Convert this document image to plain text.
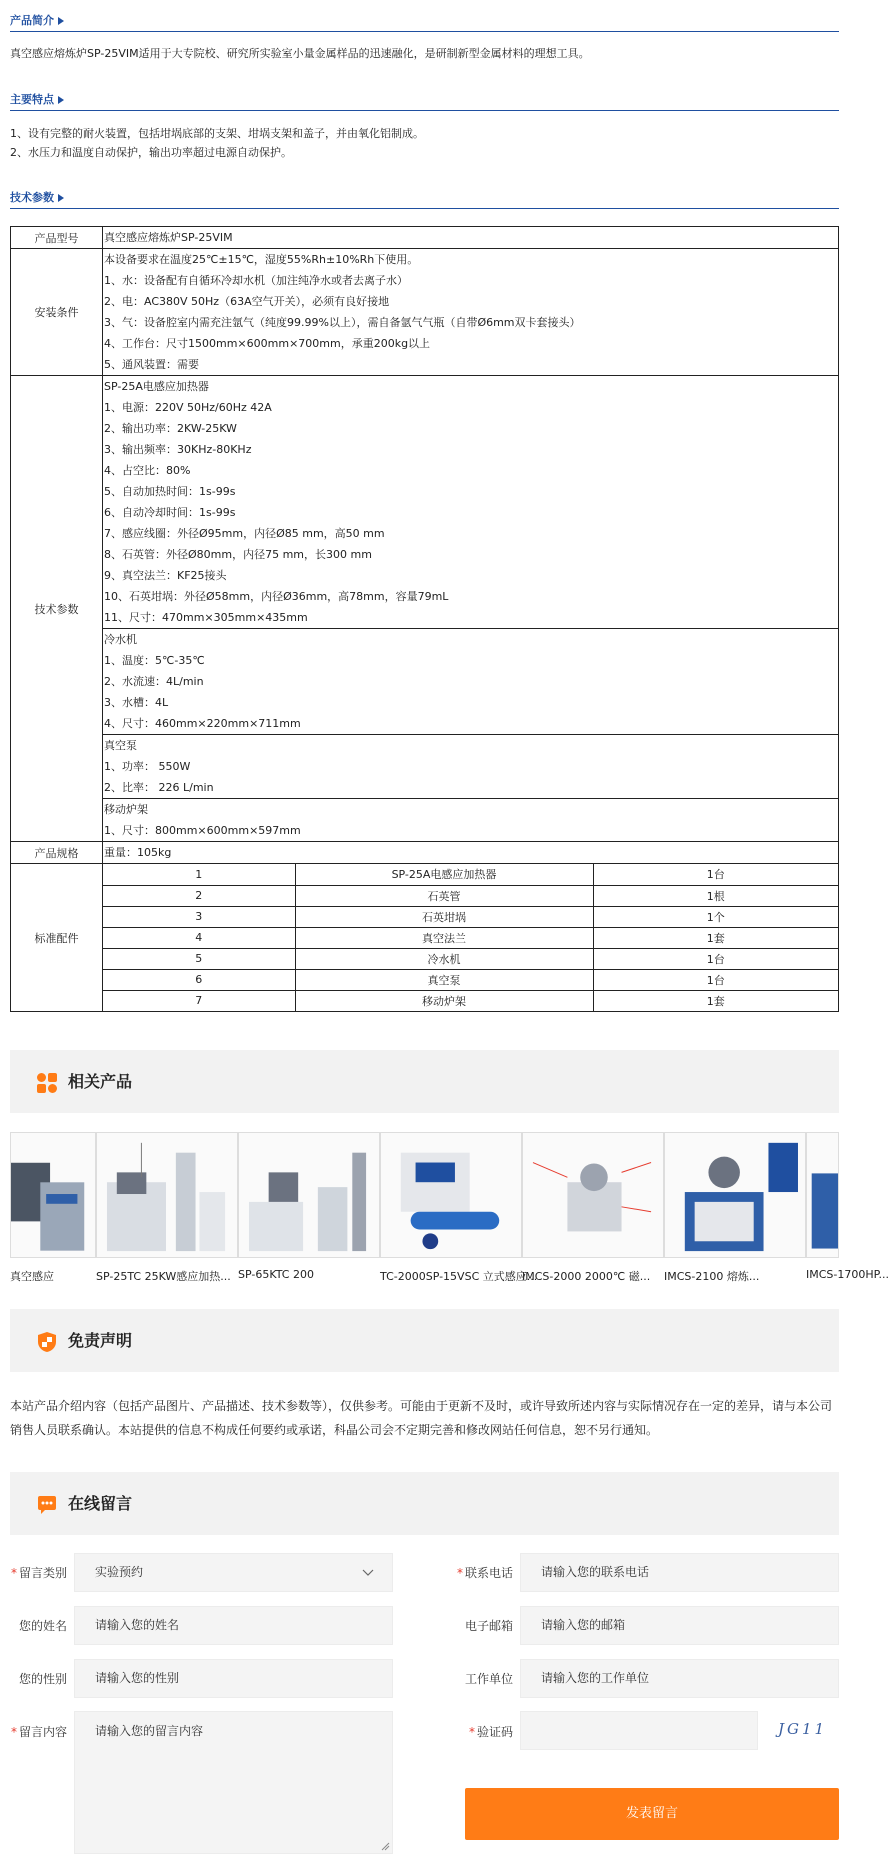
产品简介
真空感应熔炼炉SP-25VIM适用于大专院校、研究所实验室小量金属样品的迅速融化，是研制新型金属材料的理想工具。
主要特点
1、设有完整的耐火装置，包括坩埚底部的支架、坩埚支架和盖子，并由氧化铝制成。
2、水压力和温度自动保护，输出功率超过电源自动保护。
技术参数
产品型号	真空感应熔炼炉SP-25VIM

安装条件	
本设备要求在温度25℃±15℃，湿度55%Rh±10%Rh下使用。
1、水：设备配有自循环冷却水机（加注纯净水或者去离子水）
2、电：AC380V 50Hz（63A空气开关），必须有良好接地
3、气：设备腔室内需充注氩气（纯度99.99%以上），需自备氩气气瓶（自带Ø6mm双卡套接头）
4、工作台：尺寸1500mm×600mm×700mm，承重200kg以上
5、通风装置：需要

技术参数	
SP-25A电感应加热器
1、电源：220V 50Hz/60Hz 42A
2、输出功率：2KW-25KW
3、输出频率：30KHz-80KHz
4、占空比：80%
5、自动加热时间：1s-99s
6、自动冷却时间：1s-99s
7、感应线圈：外径Ø95mm，内径Ø85 mm，高50 mm
8、石英管：外径Ø80mm，内径75 mm，长300 mm
9、真空法兰：KF25接头
10、石英坩埚：外径Ø58mm，内径Ø36mm，高78mm，容量79mL
11、尺寸：470mm×305mm×435mm
冷水机
1、温度：5℃-35℃
2、水流速：4L/min
3、水槽：4L
4、尺寸：460mm×220mm×711mm
真空泵
1、功率： 550W
2、比率： 226 L/min
移动炉架
1、尺寸：800mm×600mm×597mm

产品规格	重量：105kg

标准配件	
1	SP-25A电感应加热器	1台
2	石英管	1根
3	石英坩埚	1个
4	真空法兰	1套
5	冷水机	1台
6	真空泵	1台
7	移动炉架	1套
相关产品
真空感应	SP-25TC 25KW感应加热... SP-65KTC 200	TC-2000SP-15VSC 立式感应...
IMCS-2000 2000℃ 磁...	IMCS-2100 熔炼...	IMCS-1700HP...
免责声明
本站产品介绍内容（包括产品图片、产品描述、技术参数等），仅供参考。可能由于更新不及时，或许导致所述内容与实际情况存在一定的差异，请与本公司销售人员联系确认。本站提供的信息不构成任何要约或承诺，科晶公司会不定期完善和修改网站任何信息，恕不另行通知。
在线留言
* 留言类别	实验预约
您的姓名	请输入您的姓名
您的性别	请输入您的性别
* 留言内容	请输入您的留言内容
* 联系电话	请输入您的联系电话
电子邮箱	请输入您的邮箱
工作单位	请输入您的工作单位
* 验证码	JG11
发表留言
